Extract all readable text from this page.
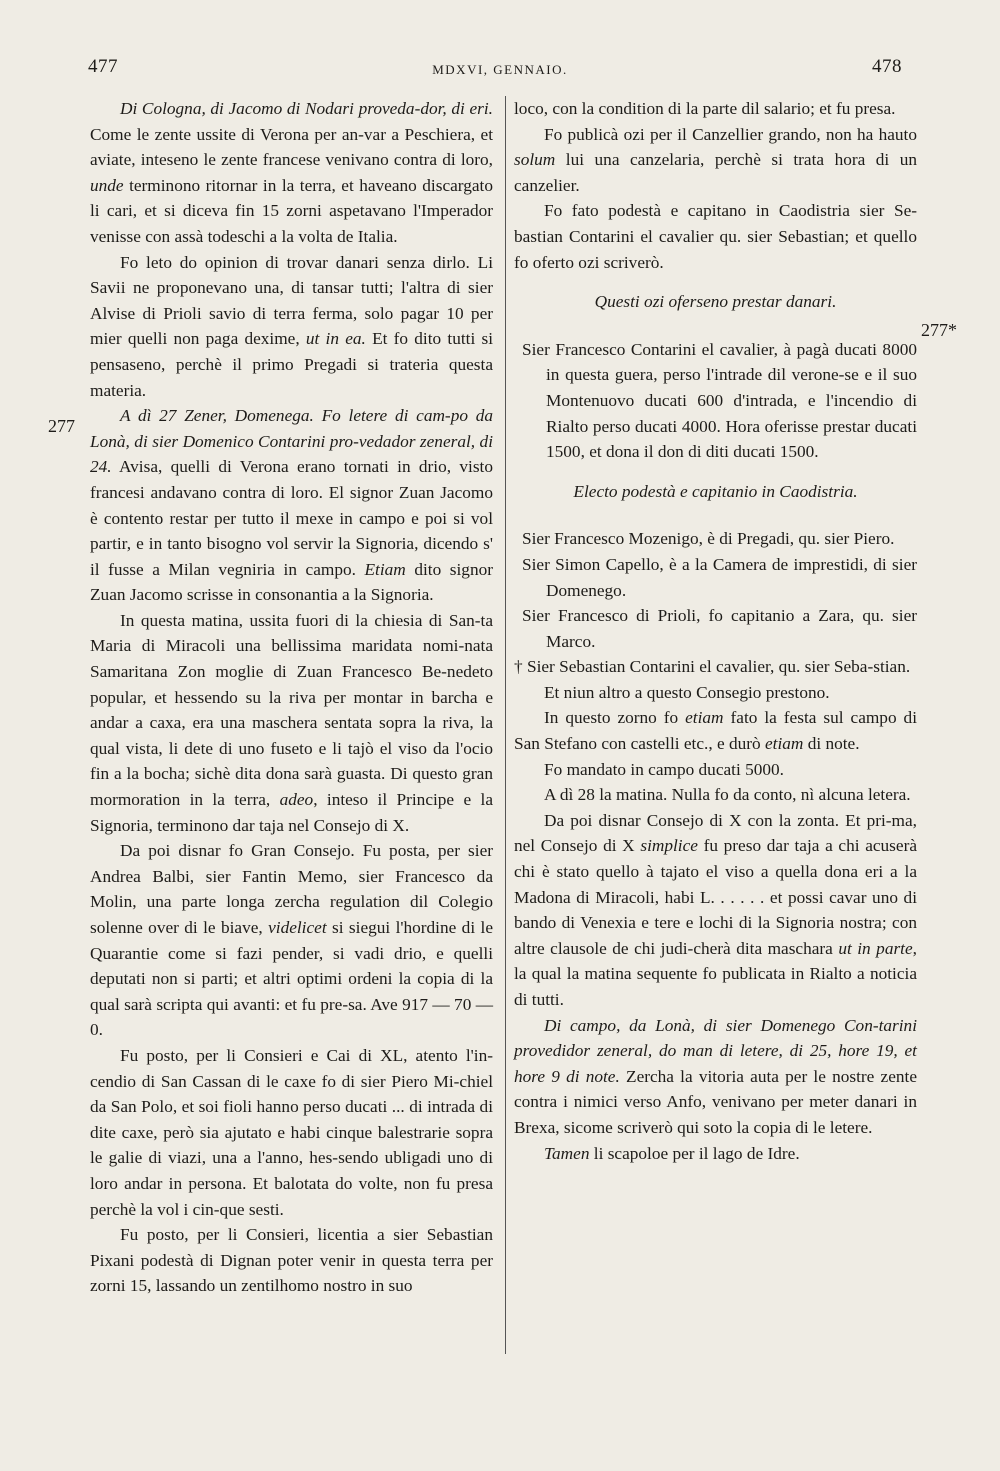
477	MDXVI, GENNAIO.	478
277
277*

Di Cologna, di Jacomo di Nodari proveda-dor, di eri. Come le zente ussite di Verona per an-var a Peschiera, et aviate, inteseno le zente francese venivano contra di loro, unde terminono ritornar in la terra, et haveano discargato li cari, et si diceva fin 15 zorni aspetavano l'Imperador venisse con assà todeschi a la volta de Italia.

Fo leto do opinion di trovar danari senza dirlo. Li Savii ne proponevano una, di tansar tutti; l'altra di sier Alvise di Prioli savio di terra ferma, solo pagar 10 per mier quelli non paga dexime, ut in ea. Et fo dito tutti si pensaseno, perchè il primo Pregadi si trateria questa materia.

A dì 27 Zener, Domenega. Fo letere di cam-po da Lonà, di sier Domenico Contarini pro-vedador zeneral, di 24. Avisa, quelli di Verona erano tornati in drio, visto francesi andavano contra di loro. El signor Zuan Jacomo è contento restar per tutto il mexe in campo e poi si vol partir, e in tanto bisogno vol servir la Signoria, dicendo s' il fusse a Milan vegniria in campo. Etiam dito signor Zuan Jacomo scrisse in consonantia a la Signoria.

In questa matina, ussita fuori di la chiesia di San-ta Maria di Miracoli una bellissima maridata nomi-nata Samaritana Zon moglie di Zuan Francesco Be-nedeto popular, et hessendo su la riva per montar in barcha e andar a caxa, era una maschera sentata sopra la riva, la qual vista, li dete di uno fuseto e li tajò el viso da l'ocio fin a la bocha; sichè dita dona sarà guasta. Di questo gran mormoration in la terra, adeo, inteso il Principe e la Signoria, terminono dar taja nel Consejo di X.

Da poi disnar fo Gran Consejo. Fu posta, per sier Andrea Balbi, sier Fantin Memo, sier Francesco da Molin, una parte longa zercha regulation dil Colegio solenne over di le biave, videlicet si siegui l'hordine di le Quarantie come si fazi pender, si vadi drio, e quelli deputati non si parti; et altri optimi ordeni la copia di la qual sarà scripta qui avanti: et fu pre-sa. Ave 917 — 70 — 0.

Fu posto, per li Consieri e Cai di XL, atento l'in-cendio di San Cassan di le caxe fo di sier Piero Mi-chiel da San Polo, et soi fioli hanno perso ducati ... di intrada di dite caxe, però sia ajutato e habi cinque balestrarie sopra le galie di viazi, una a l'anno, hes-sendo ubligadi uno di loro andar in persona. Et balotata do volte, non fu presa perchè la vol i cin-que sesti.

Fu posto, per li Consieri, licentia a sier Sebastian Pixani podestà di Dignan poter venir in questa terra per zorni 15, lassando un zentilhomo nostro in suo

loco, con la condition di la parte dil salario; et fu presa.

Fo publicà ozi per il Canzellier grando, non ha hauto solum lui una canzelaria, perchè si trata hora di un canzelier.

Fo fato podestà e capitano in Caodistria sier Se-bastian Contarini el cavalier qu. sier Sebastian; et quello fo oferto ozi scriverò.

Questi ozi oferseno prestar danari.

Sier Francesco Contarini el cavalier, à pagà ducati 8000 in questa guera, perso l'intrade dil verone-se e il suo Montenuovo ducati 600 d'intrada, e l'incendio di Rialto perso ducati 4000. Hora oferisse prestar ducati 1500, et dona il don di diti ducati 1500.

Electo podestà e capitanio in Caodistria.

Sier Francesco Mozenigo, è di Pregadi, qu. sier Piero.

Sier Simon Capello, è a la Camera de imprestidi, di sier Domenego.

Sier Francesco di Prioli, fo capitanio a Zara, qu. sier Marco.

† Sier Sebastian Contarini el cavalier, qu. sier Seba-stian.

Et niun altro a questo Consegio prestono.

In questo zorno fo etiam fato la festa sul campo di San Stefano con castelli etc., e durò etiam di note.

Fo mandato in campo ducati 5000.

A dì 28 la matina. Nulla fo da conto, nì alcuna letera.

Da poi disnar Consejo di X con la zonta. Et pri-ma, nel Consejo di X simplice fu preso dar taja a chi acuserà chi è stato quello à tajato el viso a quella dona eri a la Madona di Miracoli, habi L. . . . . . et possi cavar uno di bando di Venexia e tere e lochi di la Signoria nostra; con altre clausole de chi judi-cherà dita maschara ut in parte, la qual la matina sequente fo publicata in Rialto a noticia di tutti.

Di campo, da Lonà, di sier Domenego Con-tarini provedidor zeneral, do man di letere, di 25, hore 19, et hore 9 di note. Zercha la vitoria auta per le nostre zente contra i nimici verso Anfo, venivano per meter danari in Brexa, sicome scriverò qui soto la copia di le letere.

Tamen li scapoloe per il lago de Idre.
